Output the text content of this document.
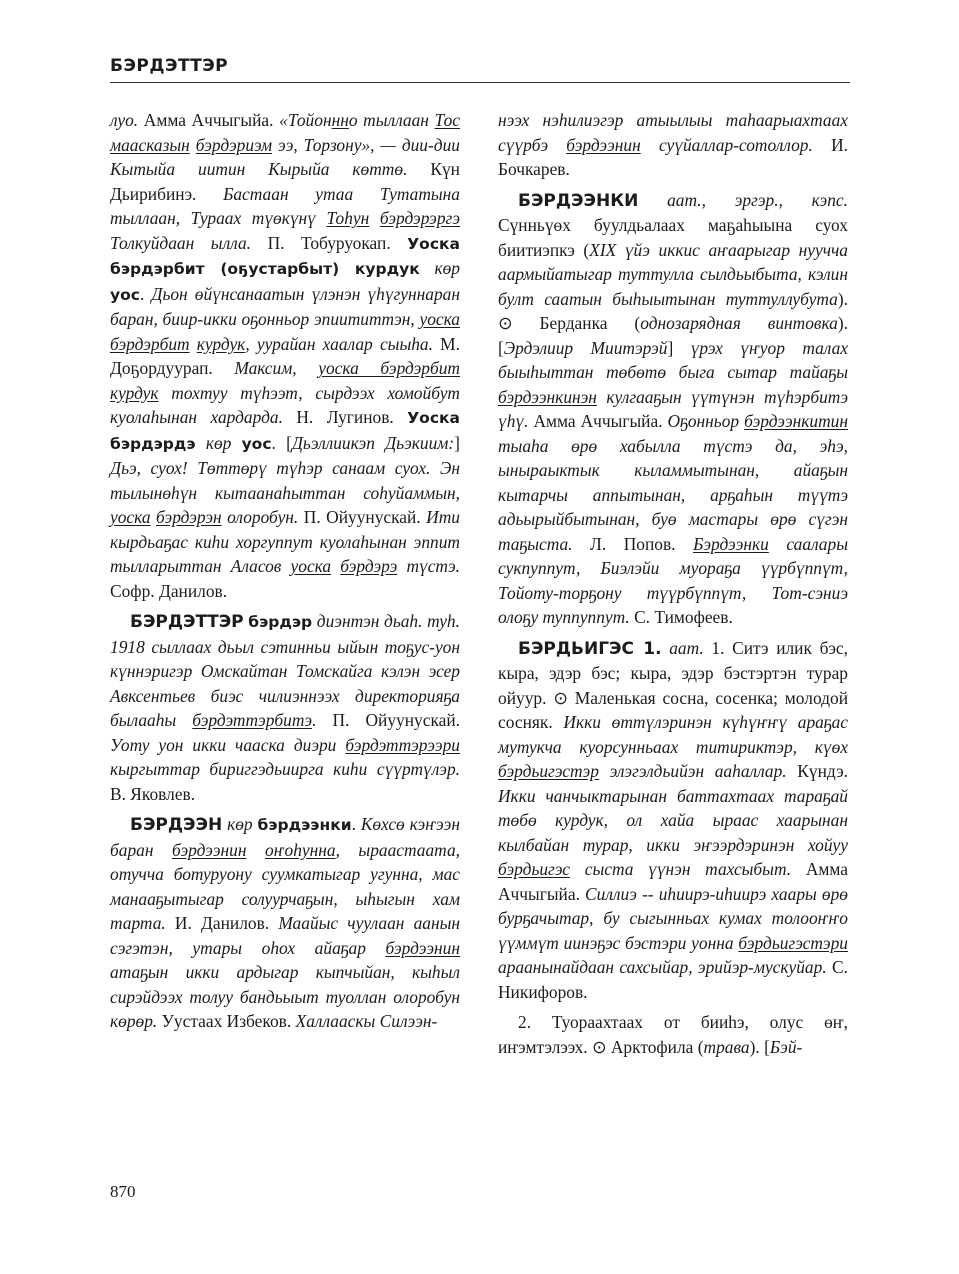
БЭРДЭТТЭР

луо. Амма Аччыгыйа. «Тойоннно тыллаан Тос маасказын бэрдэриэм ээ, Торзону», — дии-дии Кытыйа иитин Кырыйа көттө. Күн Дьирибинэ. Бастаан утаа Тутатына тыллаан, Тураах түөкүнү Тоhун бэрдэрэргэ Толкуйдаан ылла. П. Тобуруокап. Уоска бэрдэрбит (оҕустарбыт) курдук көр уос. Дьон өйүнсанаатын үлэнэн үhүгуннаран баран, биир-икки оҕонньор эпиититтэн, уоска бэрдэрбит курдук, уурайан хаалар сыыhа. М. Доҕордуурап. Максим, уоска бэрдэрбит курдук тохтуу түhээт, сырдээх хомойбут куолаhынан хардарда. Н. Лугинов. Уоска бэрдэрдэ көр уос. [Дьэллиикэп Дьэкиим:] Дьэ, суох! Төттөрү түhэр санаам суох. Эн тылынөhүн кытаанаhыттан соhуйаммын, уоска бэрдэрэн олоробун. П. Ойуунускай. Ити кырдьаҕас киhи хоргуппут куолаhынан эппит тылларыттан Аласов уоска бэрдэрэ түстэ. Софр. Данилов.

БЭРДЭТТЭР бэрдэр диэнтэн дьаh. туh. 1918 сыллаах дьыл сэтинньи ыйын тоҕус-уон күннэригэр Омскайтан Томскайга кэлэн эсер Авксентьев биэс чилиэннээх директорияҕа былааhы бэрдэттэрбитэ. П. Ойуунускай. Уоту уон икки чааска диэри бэрдэттэрээри кыргыттар бириггэдьиирга киhи сүүртүлэр. В. Яковлев.

БЭРДЭЭН көр бэрдээнки. Көхсө кэҥээн баран бэрдээнин оҥоhунна, ыраастаата, отучча ботуруону суумкатыгар угунна, мас манааҕытыгар солуурчаҕын, ыhыгын хам тарта. И. Данилов. Маайыс чуулаан аанын сэгэтэн, утары оhох айаҕар бэрдээнин атаҕын икки ардыгар кыпчыйан, кыhыл сирэйдээх толуу бандьыыт туоллан олоробун көрөр. Уустаах Избеков. Халлааскы Силээн-

нээх нэhилиэгэр атыылыы таhаарыахтаах сүүрбэ бэрдээнин суүйаллар-сотоллор. И. Бочкарев.

БЭРДЭЭНКИ аат., эргэр., кэпс. Сүнньүөх буулдьалаах маҕаhыына суох биитиэпкэ (XIX үйэ иккис аҥаарыгар нуучча аармыйатыгар туттулла сылдьыбыта, кэлин булт саатын быhыытынан туттуллубута). ⊙ Берданка (однозарядная винтовка). [Эрдэлиир Миитэрэй] үрэх үҥуор талах быыhыттан төбөтө быга сытар тайаҕы бэрдээнкинэн кулгааҕын үүтүнэн түhэрбитэ үhү. Амма Аччыгыйа. Оҕонньор бэрдээнкитин тыаhа өрө хабылла түстэ да, эhэ, ыныраыктык кыламмытынан, айаҕын кытарчы аппытынан, арҕаhын түүтэ адьырыйбытынан, буө мастары өрө сүгэн таҕыста. Л. Попов. Бэрдээнки саалары сукпуппут, Биэлэйи муораҕа үүрбүппүт, Тойоту-торҕону түүрбүппүт, Тот-сэниэ олоҕу туппуппут. С. Тимофеев.

БЭРДЬИГЭС 1. аат. 1. Ситэ илик бэс, кыра, эдэр бэс; кыра, эдэр бэстэртэн турар ойуур. ⊙ Маленькая сосна, сосенка; молодой сосняк. Икки өттүлэринэн күhүҥҥү араҕас мутукча куорсунньаах титириктэр, күөх бэрдьигэстэр элэгэлдьийэн ааhаллар. Күндэ. Икки чанчыктарынан баттахтаах тараҕай төбө курдук, ол хайа ыраас хаарынан кылбайан турар, икки эҥээрдэринэн хойуу бэрдьигэс сыста үүнэн тахсыбыт. Амма Аччыгыйа. Силлиэ -- иhиирэ-иhиирэ хаары өрө бурҕачытар, бу сыгынньах кумах толооҥҥо үүммүт иинэҕэс бэстэри уонна бэрдьигэстэри араанынайдаан сахсыйар, эрийэр-мускуйар. С. Никифоров.

2. Туораахтаах от бииhэ, олус өҥ, иҥэмтэлээх. ⊙ Арктофила (трава). [Бэй-

870
